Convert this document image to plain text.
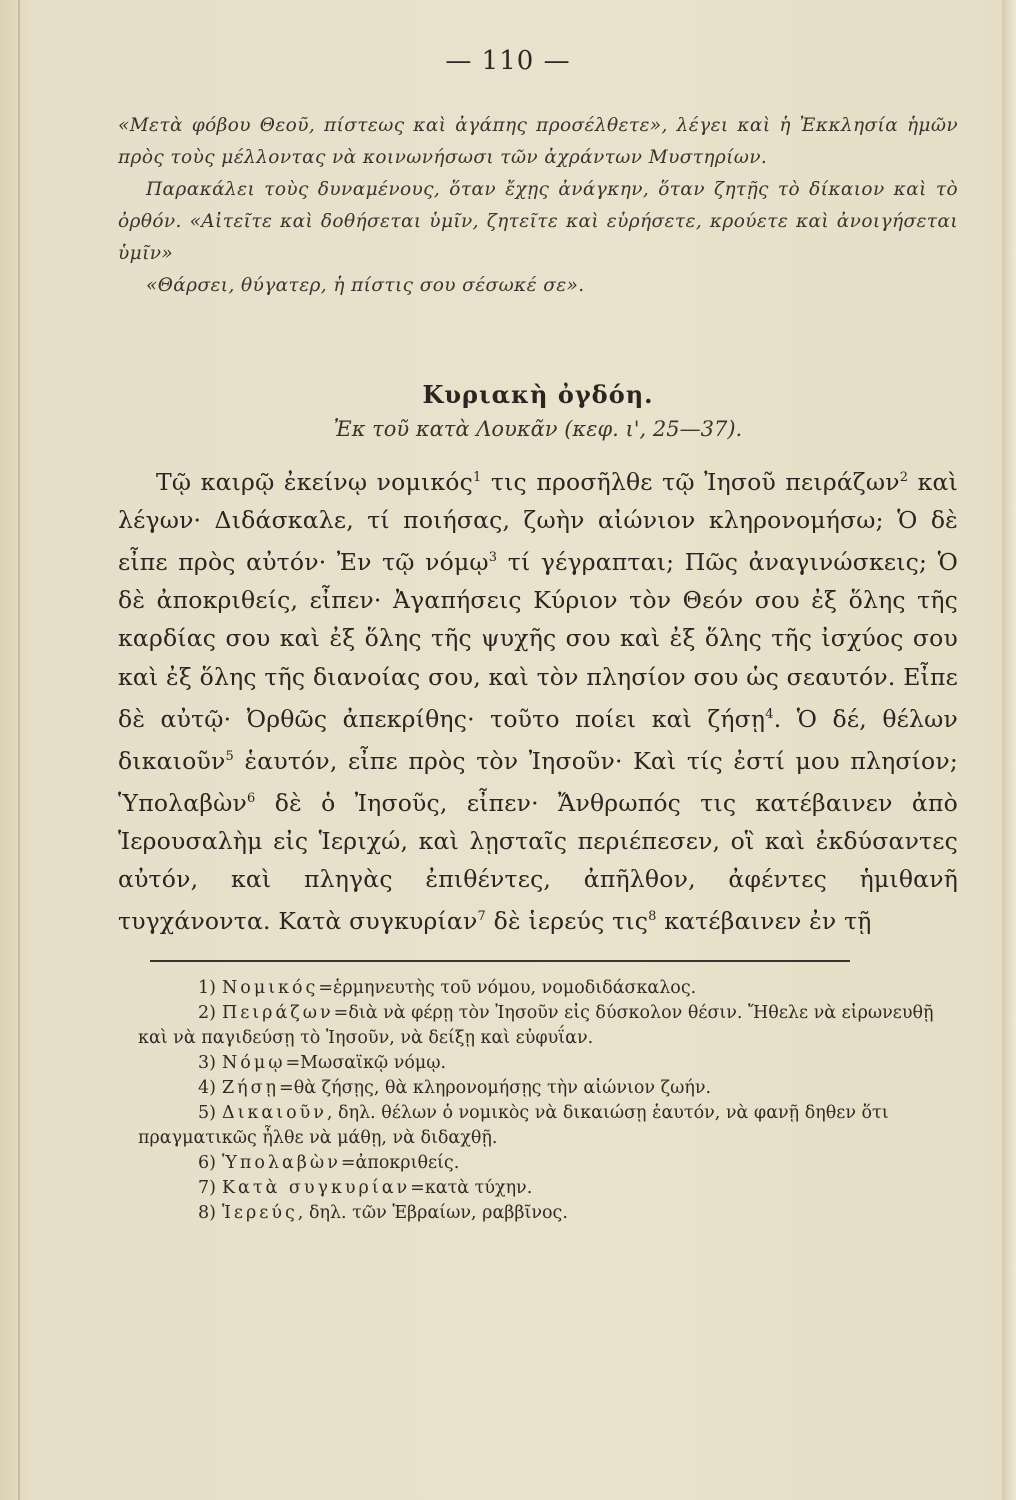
— 110 —

«Μετὰ φόβου Θεοῦ, πίστεως καὶ ἀγάπης προσέλθετε», λέγει καὶ ἡ Ἐκκλησία ἡμῶν πρὸς τοὺς μέλλοντας νὰ κοινωνήσωσι τῶν ἀχράντων Μυστηρίων.

Παρακάλει τοὺς δυναμένους, ὅταν ἔχῃς ἀνάγκην, ὅταν ζητῇς τὸ δίκαιον καὶ τὸ ὀρθόν. «Αἰτεῖτε καὶ δοθήσεται ὑμῖν, ζητεῖτε καὶ εὑρήσετε, κρούετε καὶ ἀνοιγήσεται ὑμῖν»

«Θάρσει, θύγατερ, ἡ πίστις σου σέσωκέ σε».

Κυριακὴ ὀγδόη.
Ἐκ τοῦ κατὰ Λουκᾶν (κεφ. ι', 25—37).
Τῷ καιρῷ ἐκείνῳ νομικός$^1$ τις προσῆλθε τῷ Ἰησοῦ πειράζων$^2$ καὶ λέγων· Διδάσκαλε, τί ποιήσας, ζωὴν αἰώνιον κληρονομήσω; Ὁ δὲ εἶπε πρὸς αὐτόν· Ἐν τῷ νόμῳ$^3$ τί γέγραπται; Πῶς ἀναγινώσκεις; Ὁ δὲ ἀποκριθείς, εἶπεν· Ἀγαπήσεις Κύριον τὸν Θεόν σου ἐξ ὅλης τῆς καρδίας σου καὶ ἐξ ὅλης τῆς ψυχῆς σου καὶ ἐξ ὅλης τῆς ἰσχύος σου καὶ ἐξ ὅλης τῆς διανοίας σου, καὶ τὸν πλησίον σου ὡς σεαυτόν. Εἶπε δὲ αὐτῷ· Ὀρθῶς ἀπεκρίθης· τοῦτο ποίει καὶ ζήσῃ$^4$. Ὁ δέ, θέλων δικαιοῦν$^5$ ἑαυτόν, εἶπε πρὸς τὸν Ἰησοῦν· Καὶ τίς ἐστί μου πλησίον; Ὑπολαβὼν$^6$ δὲ ὁ Ἰησοῦς, εἶπεν· Ἄνθρωπός τις κατέβαινεν ἀπὸ Ἱερουσαλὴμ εἰς Ἱεριχώ, καὶ λῃσταῖς περιέπεσεν, οἳ καὶ ἐκδύσαντες αὐτόν, καὶ πληγὰς ἐπιθέντες, ἀπῆλθον, ἀφέντες ἡμιθανῆ τυγχάνοντα. Κατὰ συγκυρίαν$^7$ δὲ ἱερεύς τις$^8$ κατέβαινεν ἐν τῇ
1) Νομικός=ἑρμηνευτὴς τοῦ νόμου, νομοδιδάσκαλος.
2) Πειράζων=διὰ νὰ φέρῃ τὸν Ἰησοῦν εἰς δύσκολον θέσιν. Ἤθελε νὰ εἰρωνευθῇ καὶ νὰ παγιδεύσῃ τὸ Ἰησοῦν, νὰ δείξῃ καὶ εὐφυΐαν.
3) Νόμῳ=Μωσαϊκῷ νόμῳ.
4) Ζήσῃ=θὰ ζήσῃς, θὰ κληρονομήσῃς τὴν αἰώνιον ζωήν.
5) Δικαιοῦν, δηλ. θέλων ὁ νομικὸς νὰ δικαιώσῃ ἑαυτόν, νὰ φανῇ δηθεν ὅτι πραγματικῶς ἦλθε νὰ μάθῃ, νὰ διδαχθῇ.
6) Ὑπολαβὼν=ἀποκριθείς.
7) Κατὰ συγκυρίαν=κατὰ τύχην.
8) Ἱερεύς, δηλ. τῶν Ἑβραίων, ραββῖνος.
